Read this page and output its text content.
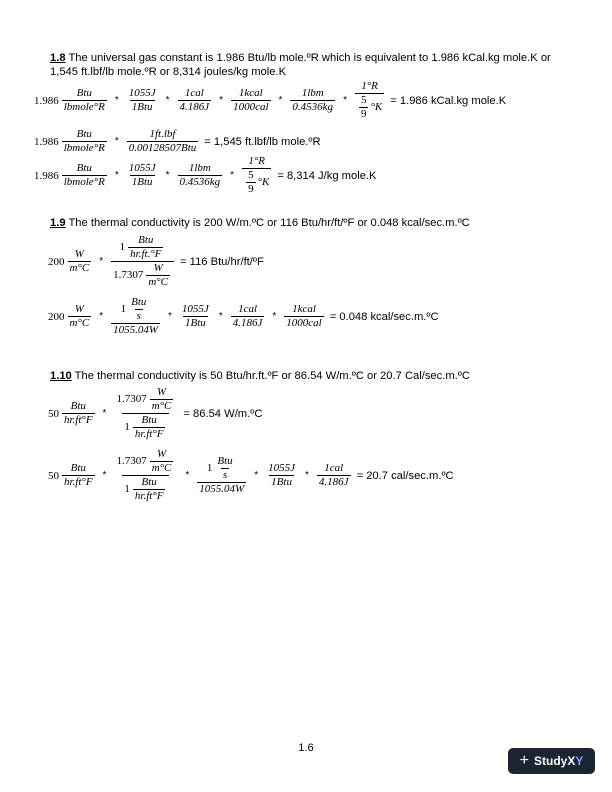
1.8 The universal gas constant is 1.986 Btu/lb mole.ºR which is equivalent to 1.986 kCal.kg mole.K or 1,545 ft.lbf/lb mole.ºR or 8,314 joules/kg mole.K

$1.986 \frac{\text{Btu}}{\text{lbmole°R}} * \frac{1055J}{\text{1Btu}} * \frac{\text{1cal}}{4.186J} * \frac{\text{1kcal}}{\text{1000cal}} * \frac{\text{1lbm}}{0.4536kg} * \frac{1^\circ R}{\frac{5}{9} ^\circ K} = 1.986$ kCal.kg mole.K
$1.986 \frac{\text{Btu}}{\text{lbmole°R}} * \frac{\text{1ft.lbf}}{\text{0.00128507Btu}} = 1,545$ ft.lbf/lb mole.ºR
$1.986 \frac{\text{Btu}}{\text{lbmole°R}} * \frac{1055J}{\text{1Btu}} * \frac{\text{1lbm}}{0.4536kg} * \frac{1^\circ R}{\frac{5}{9} ^\circ K} = 8,314$ J/kg mole.K

1.9 The thermal conductivity is 200 W/m.ºC or 116 Btu/hr/ft/ºF or 0.048 kcal/sec.m.ºC

$200 \frac{W}{m^\circ C} * \frac{1 \frac{\text{Btu}}{hr.ft.^\circ F}}{1.7307 \frac{W}{m^\circ C}} = 116$ Btu/hr/ft/ºF
$200 \frac{W}{m^\circ C} * \frac{1 \frac{\text{Btu}}{s}}{1055.04W} * \frac{1055J}{\text{1Btu}} * \frac{\text{1cal}}{4.186J} * \frac{\text{1kcal}}{\text{1000cal}} = 0.048$ kcal/sec.m.ºC

1.10 The thermal conductivity is 50 Btu/hr.ft.ºF or 86.54 W/m.ºC or 20.7 Cal/sec.m.ºC

$50 \frac{\text{Btu}}{hr.ft^\circ F} * \frac{1.7307 \frac{W}{m^\circ C}}{1 \frac{\text{Btu}}{hr.ft^\circ F}} = 86.54$ W/m.ºC
$50 \frac{\text{Btu}}{hr.ft^\circ F} * \frac{1.7307 \frac{W}{m^\circ C}}{1 \frac{\text{Btu}}{hr.ft^\circ F}} * \frac{1 \frac{\text{Btu}}{s}}{1055.04W} * \frac{1055J}{\text{1Btu}} * \frac{\text{1cal}}{4.186J} = 20.7$ cal/sec.m.ºC
1.6
+ StudyXY
